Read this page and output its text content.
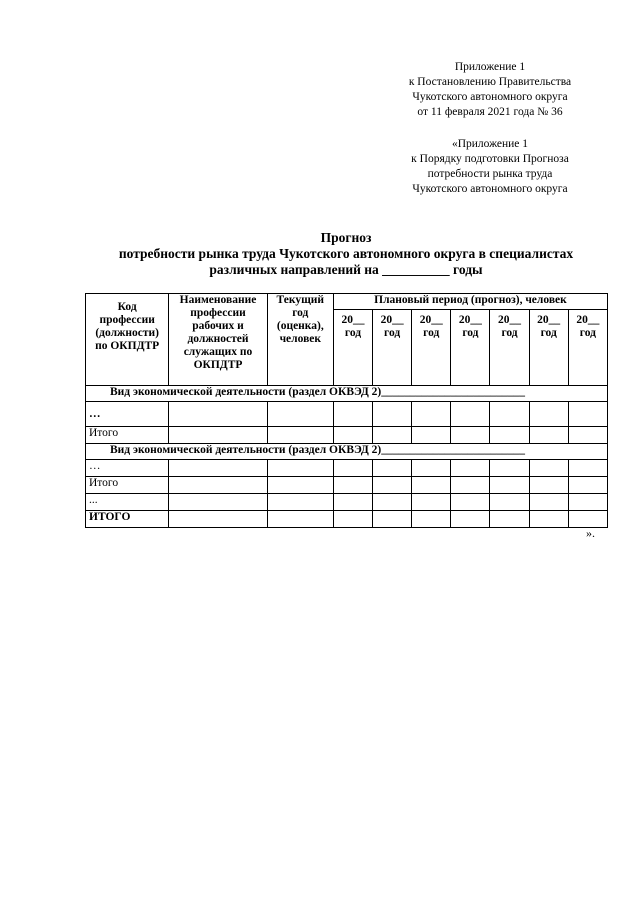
Приложение 1
к Постановлению Правительства
Чукотского автономного округа
от 11 февраля 2021 года № 36
«Приложение 1
к Порядку подготовки Прогноза
потребности рынка труда
Чукотского автономного округа
Прогноз
потребности рынка труда Чукотского автономного округа в специалистах
различных направлений на __________ годы
Код профессии (должности) по ОКПДТР	Наименование профессии рабочих и должностей служащих по ОКПДТР	Текущий год (оценка), человек	Плановый период (прогноз), человек						
			20__ год	20__ год	20__ год	20__ год	20__ год	20__ год	20__ год
Вид экономической деятельности (раздел ОКВЭД 2)_________________________									
…									
Итого									
Вид экономической деятельности (раздел ОКВЭД 2)_________________________									
…									
Итого									
...									
ИТОГО									
».
